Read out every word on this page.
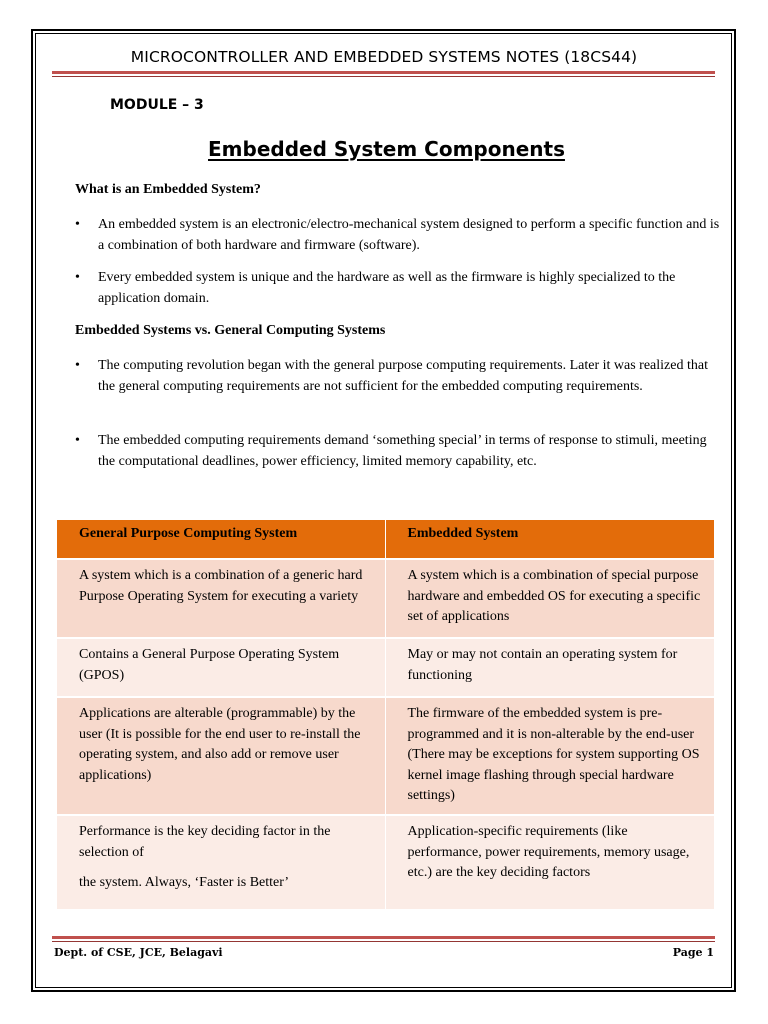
MICROCONTROLLER AND EMBEDDED SYSTEMS NOTES (18CS44)
MODULE – 3
Embedded System Components
What is an Embedded System?
• An embedded system is an electronic/electro-mechanical system designed to perform a specific function and is a combination of both hardware and firmware (software).
• Every embedded system is unique and the hardware as well as the firmware is highly specialized to the application domain.
Embedded Systems vs. General Computing Systems
• The computing revolution began with the general purpose computing requirements. Later it was realized that the general computing requirements are not sufficient for the embedded computing requirements.
• The embedded computing requirements demand ‘something special’ in terms of response to stimuli, meeting the computational deadlines, power efficiency, limited memory capability, etc.
General Purpose Computing System	Embedded System
A system which is a combination of a generic hard Purpose Operating System for executing a variety	A system which is a combination of special purpose hardware and embedded OS for executing a specific set of applications
Contains a General Purpose Operating System (GPOS)	May or may not contain an operating system for functioning
Applications are alterable (programmable) by the user (It is possible for the end user to re-install the operating system, and also add or remove user applications)	The firmware of the embedded system is pre-programmed and it is non-alterable by the end-user (There may be exceptions for system supporting OS kernel image flashing through special hardware settings)
Performance is the key deciding factor in the selection of
the system. Always, ‘Faster is Better’	Application-specific requirements (like performance, power requirements, memory usage, etc.) are the key deciding factors
Dept. of CSE, JCE, Belagavi	Page 1
